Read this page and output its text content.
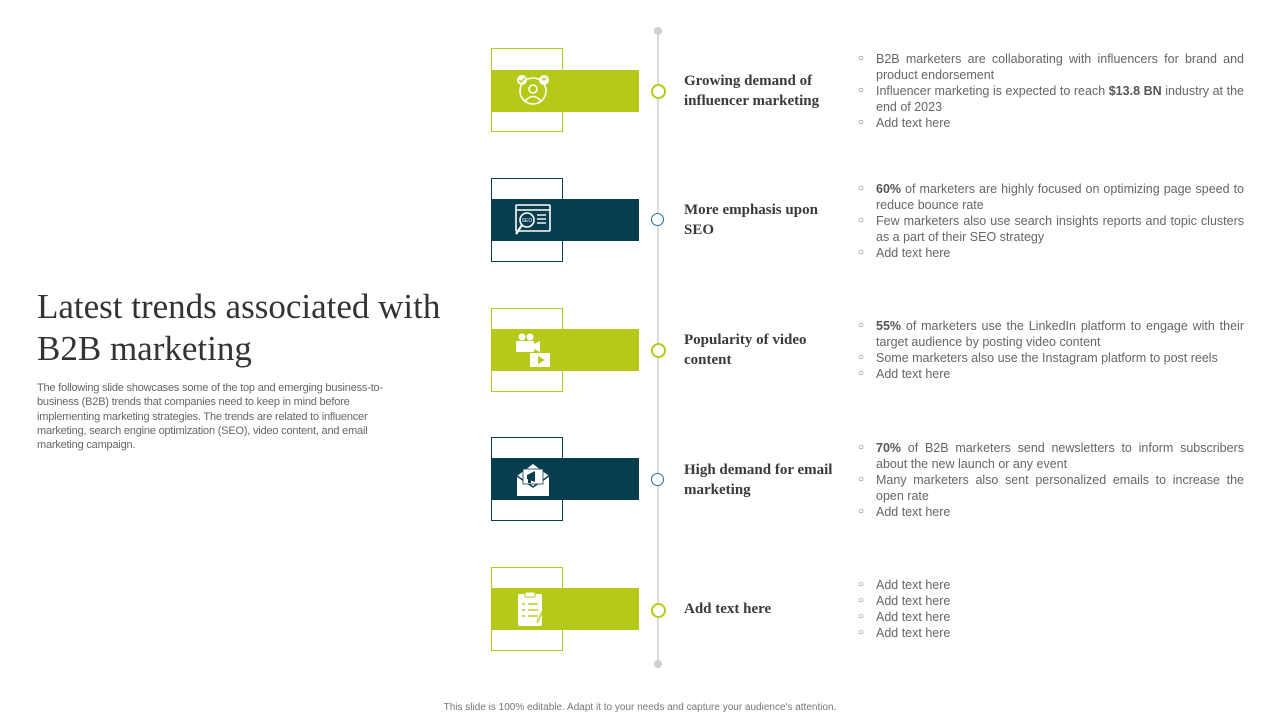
Latest trends associated with B2B marketing

The following slide showcases some of the top and emerging business-to-business (B2B) trends that companies need to keep in mind before implementing marketing strategies. The trends are related to influencer marketing, search engine optimization (SEO), video content, and email marketing campaign.

Growing demand of influencer marketing
○ B2B marketers are collaborating with influencers for brand and product endorsement
○ Influencer marketing is expected to reach $13.8 BN industry at the end of 2023
○ Add text here
SEO
More emphasis upon SEO
○ 60% of marketers are highly focused on optimizing page speed to reduce bounce rate
○ Few marketers also use search insights reports and topic clusters as a part of their SEO strategy
○ Add text here
Popularity of video content
○ 55% of marketers use the LinkedIn platform to engage with their target audience by posting video content
○ Some marketers also use the Instagram platform to post reels
○ Add text here
High demand for email marketing
○ 70% of B2B marketers send newsletters to inform subscribers about the new launch or any event
○ Many marketers also sent personalized emails to increase the open rate
○ Add text here
Add text here
○ Add text here
○ Add text here
○ Add text here
○ Add text here
This slide is 100% editable. Adapt it to your needs and capture your audience's attention.
